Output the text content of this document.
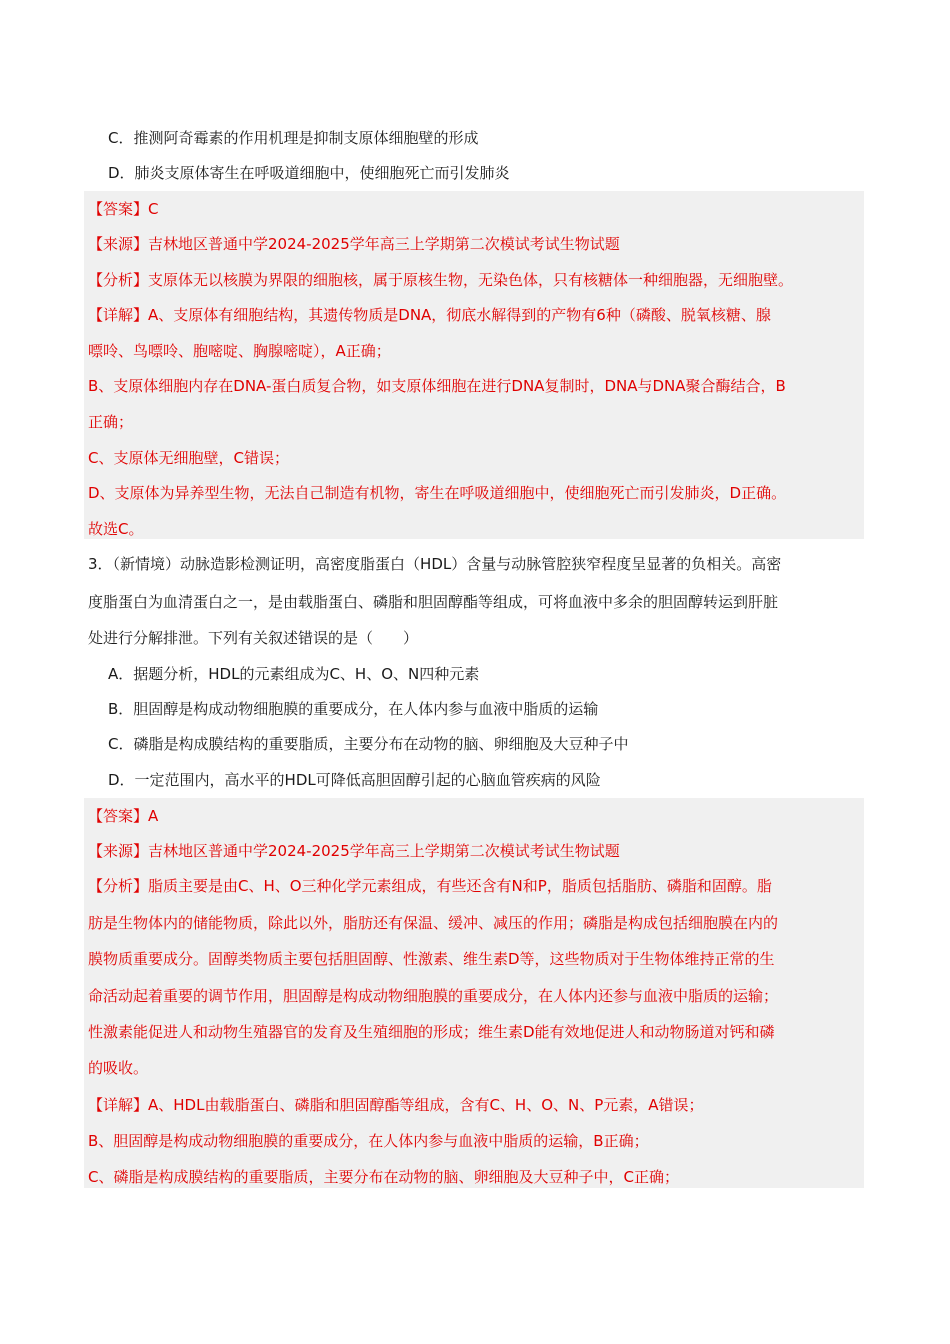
C．推测阿奇霉素的作用机理是抑制支原体细胞壁的形成
D．肺炎支原体寄生在呼吸道细胞中，使细胞死亡而引发肺炎
【答案】C
【来源】吉林地区普通中学2024-2025学年高三上学期第二次模试考试生物试题
【分析】支原体无以核膜为界限的细胞核，属于原核生物，无染色体，只有核糖体一种细胞器，无细胞壁。
【详解】A、支原体有细胞结构，其遗传物质是DNA，彻底水解得到的产物有6种（磷酸、脱氧核糖、腺
嘌呤、鸟嘌呤、胞嘧啶、胸腺嘧啶），A正确；
B、支原体细胞内存在DNA-蛋白质复合物，如支原体细胞在进行DNA复制时，DNA与DNA聚合酶结合，B
正确；
C、支原体无细胞壁，C错误；
D、支原体为异养型生物，无法自己制造有机物，寄生在呼吸道细胞中，使细胞死亡而引发肺炎，D正确。
故选C。
3．（新情境）动脉造影检测证明，高密度脂蛋白（HDL）含量与动脉管腔狭窄程度呈显著的负相关。高密
度脂蛋白为血清蛋白之一，是由载脂蛋白、磷脂和胆固醇酯等组成，可将血液中多余的胆固醇转运到肝脏
处进行分解排泄。下列有关叙述错误的是（　　）
A．据题分析，HDL的元素组成为C、H、O、N四种元素
B．胆固醇是构成动物细胞膜的重要成分，在人体内参与血液中脂质的运输
C．磷脂是构成膜结构的重要脂质，主要分布在动物的脑、卵细胞及大豆种子中
D．一定范围内，高水平的HDL可降低高胆固醇引起的心脑血管疾病的风险
【答案】A
【来源】吉林地区普通中学2024-2025学年高三上学期第二次模试考试生物试题
【分析】脂质主要是由C、H、O三种化学元素组成，有些还含有N和P，脂质包括脂肪、磷脂和固醇。脂
肪是生物体内的储能物质，除此以外，脂肪还有保温、缓冲、减压的作用；磷脂是构成包括细胞膜在内的
膜物质重要成分。固醇类物质主要包括胆固醇、性激素、维生素D等，这些物质对于生物体维持正常的生
命活动起着重要的调节作用，胆固醇是构成动物细胞膜的重要成分，在人体内还参与血液中脂质的运输；
性激素能促进人和动物生殖器官的发育及生殖细胞的形成；维生素D能有效地促进人和动物肠道对钙和磷
的吸收。
【详解】A、HDL由载脂蛋白、磷脂和胆固醇酯等组成，含有C、H、O、N、P元素，A错误；
B、胆固醇是构成动物细胞膜的重要成分，在人体内参与血液中脂质的运输，B正确；
C、磷脂是构成膜结构的重要脂质，主要分布在动物的脑、卵细胞及大豆种子中，C正确；
